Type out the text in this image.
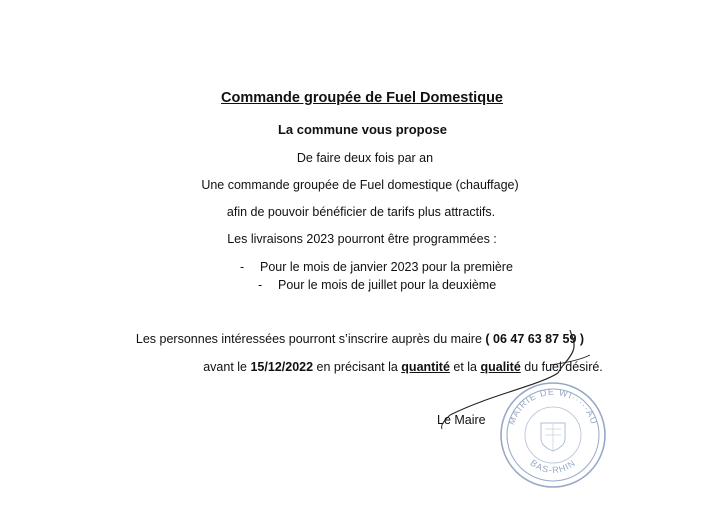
Commande groupée de Fuel Domestique
La commune vous propose
De faire deux fois par an
Une commande groupée de Fuel domestique (chauffage)
afin de pouvoir bénéficier de tarifs plus attractifs.
Les livraisons 2023 pourront être programmées :
- Pour le mois de janvier 2023 pour la première
- Pour le mois de juillet pour la deuxième
Les personnes intéressées pourront s’inscrire auprès du maire ( 06 47 63 87 59 )
avant le 15/12/2022 en précisant la quantité et la qualité du fuel désiré.
Le Maire MAIRIE DE WI·····AU
BAS-RHIN
